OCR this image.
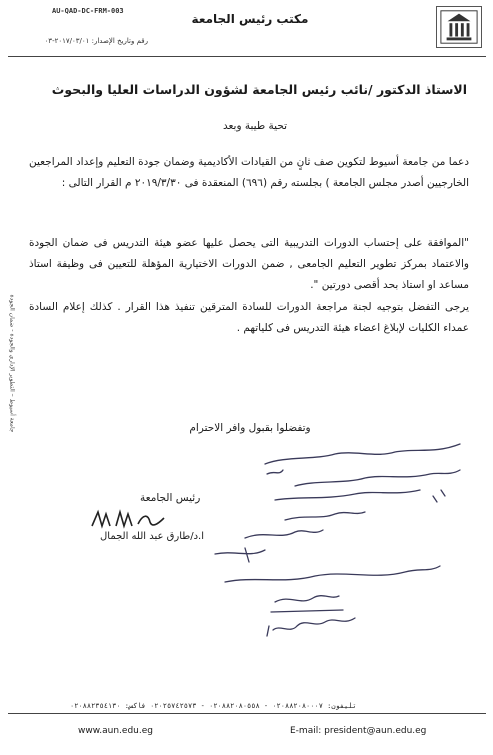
مكتب رئيس الجامعة
AU-QAD-DC-FRM-003
رقم وتاريخ الإصدار: ٢٠١٧/٠٣/٠١-٠٣
الاستاذ الدكتور /نائب رئيس الجامعة لشؤون الدراسات العليا والبحوث
تحية طيبة وبعد
دعما من جامعة أسيوط لتكوين صف ثانٍ من القيادات الأكاديمية وضمان جودة التعليم وإعداد المراجعين الخارجيين أصدر مجلس الجامعة ) بجلسته رقم (٦٩٦) المنعقدة فى ٢٠١٩/٣/٣٠ م القرار التالى :
"الموافقة على إحتساب الدورات التدريبية التى يحصل عليها عضو هيئة التدريس فى ضمان الجودة والاعتماد بمركز تطوير التعليم الجامعى , ضمن الدورات الاختيارية المؤهلة للتعيين فى وظيفة استاذ مساعد او استاذ بحد أقصى دورتين ".
يرجى التفضل بتوجيه لجنة مراجعة الدورات للسادة المترقين تنفيذ هذا القرار . كذلك إعلام السادة عمداء الكليات لإبلاغ اعضاء هيئة التدريس فى كلياتهم .
وتفضلوا بقبول وافر الاحترام
رئيس الجامعة
ا.د/طارق عبد الله الجمال
جامعة أسيوط – التطوير الإداري والجودة - ضمان الجودة
تليفون: ٠٢٠٨٨٢٠٨٠٠٠٧ - ٠٢٠٨٨٢٠٨٠٥٥٨ - ٠٢٠٢٥٧٤٢٥٧٣ فاكس: ٠٢٠٨٨٢٣٥٤١٣٠
www.aun.edu.eg	E-mail: president@aun.edu.eg
